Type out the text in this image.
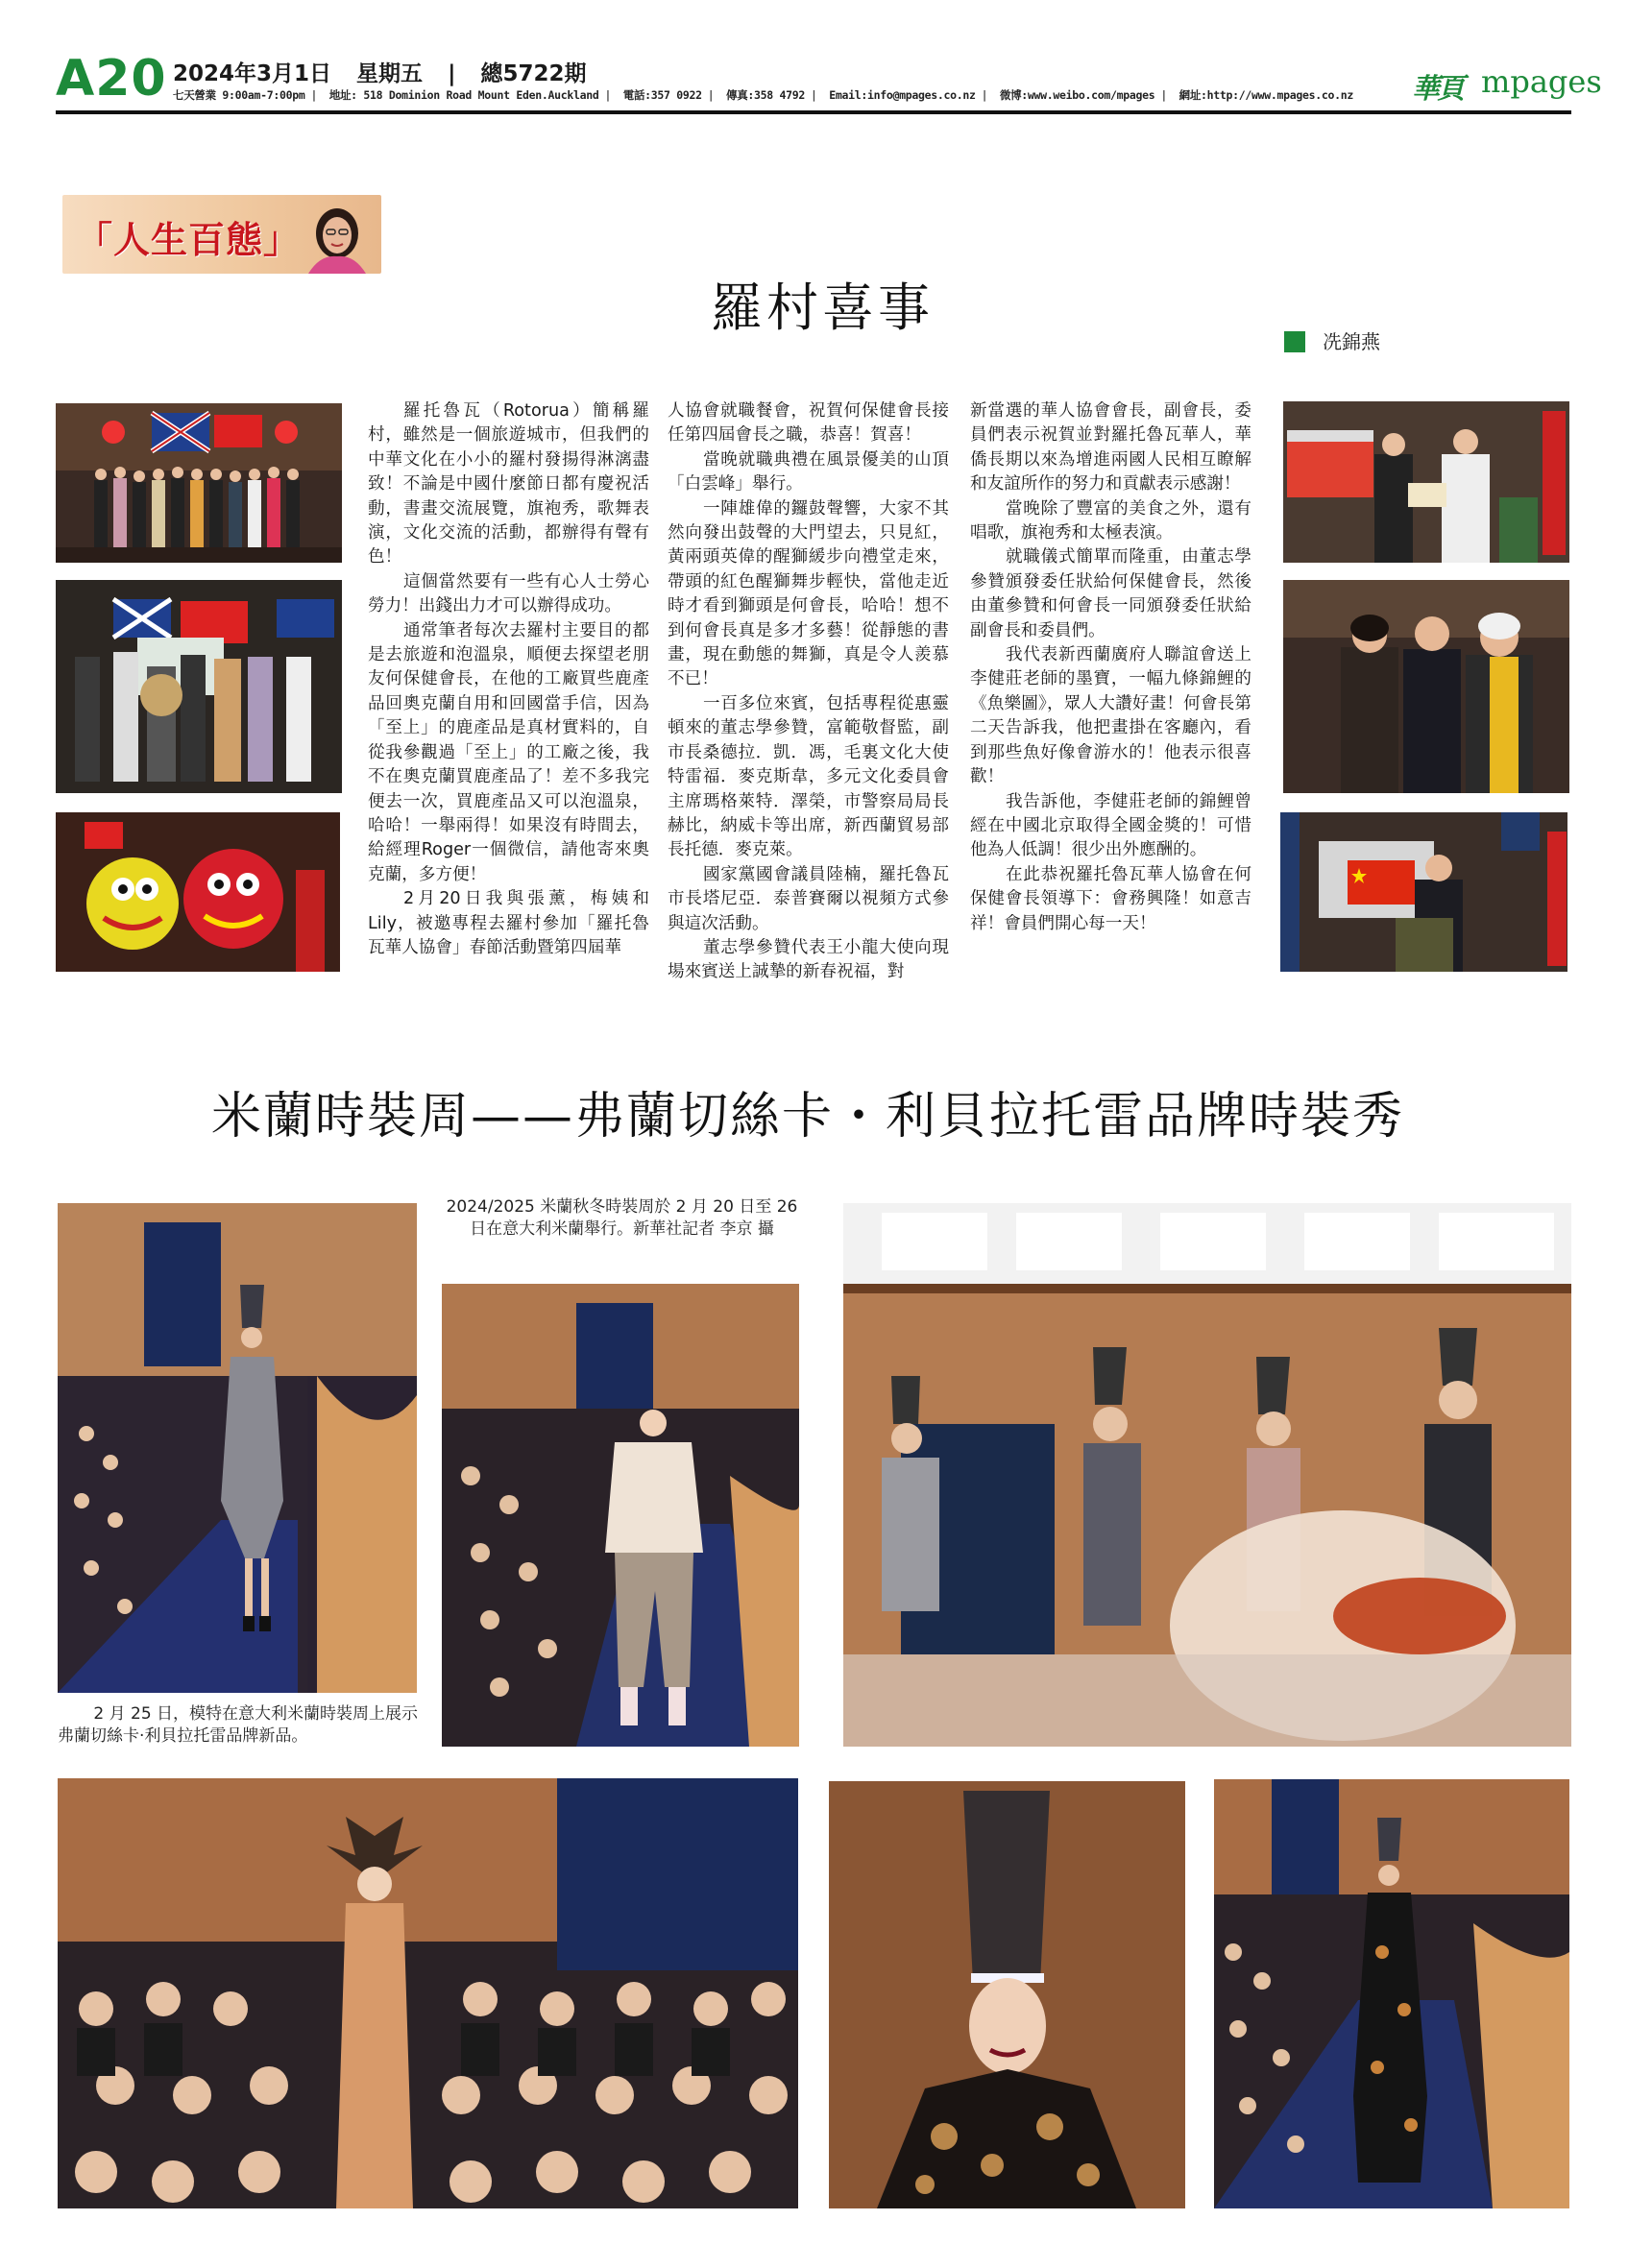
A20 2024年3月1日 星期五 | 總5722期
七天營業 9:00am-7:00pm | 地址: 518 Dominion Road Mount Eden.Auckland | 電話:357 0922 | 傳真:358 4792 | Email:info@mpages.co.nz | 微博:www.weibo.com/mpages | 網址:http://www.mpages.co.nz 華頁 mpages
「人生百態」
羅村喜事
冼錦燕

羅托魯瓦（Rotorua）簡稱羅村，雖然是一個旅遊城市，但我們的中華文化在小小的羅村發揚得淋漓盡致！不論是中國什麼節日都有慶祝活動，書畫交流展覽，旗袍秀，歌舞表演，文化交流的活動，都辦得有聲有色！

這個當然要有一些有心人士勞心勞力！出錢出力才可以辦得成功。

通常筆者每次去羅村主要目的都是去旅遊和泡溫泉，順便去探望老朋友何保健會長，在他的工廠買些鹿產品回奧克蘭自用和回國當手信，因為「至上」的鹿產品是真材實料的，自從我參觀過「至上」的工廠之後，我不在奧克蘭買鹿產品了！差不多我完便去一次，買鹿產品又可以泡溫泉，哈哈！一舉兩得！如果沒有時間去，給經理Roger一個微信，請他寄來奧克蘭，多方便！

2月20日我與張薰，梅姨和Lily，被邀專程去羅村參加「羅托魯瓦華人協會」春節活動暨第四屆華

人協會就職餐會，祝賀何保健會長接任第四屆會長之職，恭喜！賀喜！

當晚就職典禮在風景優美的山頂「白雲峰」舉行。

一陣雄偉的鑼鼓聲響，大家不其然向發出鼓聲的大門望去，只見紅，黃兩頭英偉的醒獅緩步向禮堂走來，帶頭的紅色醒獅舞步輕快，當他走近時才看到獅頭是何會長，哈哈！想不到何會長真是多才多藝！從靜態的書畫，現在動態的舞獅，真是令人羨慕不已！

一百多位來賓，包括專程從惠靈頓來的董志學參贊，富範敬督監，副市長桑德拉．凱．馮，毛裏文化大使特雷福．麥克斯韋，多元文化委員會主席瑪格萊特．澤榮，市警察局局長赫比，納威卡等出席，新西蘭貿易部長托德．麥克萊。

國家黨國會議員陸楠，羅托魯瓦市長塔尼亞．泰普賽爾以視頻方式參與這次活動。

董志學參贊代表王小龍大使向現場來賓送上誠摯的新春祝福，對

新當選的華人協會會長，副會長，委員們表示祝賀並對羅托魯瓦華人，華僑長期以來為增進兩國人民相互瞭解和友誼所作的努力和貢獻表示感謝！

當晚除了豐富的美食之外，還有唱歌，旗袍秀和太極表演。

就職儀式簡單而隆重，由董志學參贊頒發委任狀給何保健會長，然後由董參贊和何會長一同頒發委任狀給副會長和委員們。

我代表新西蘭廣府人聯誼會送上李健莊老師的墨寶，一幅九條錦鯉的《魚樂圖》，眾人大讚好畫！何會長第二天告訴我，他把畫掛在客廳內，看到那些魚好像會游水的！他表示很喜歡！

我告訴他，李健莊老師的錦鯉曾經在中國北京取得全國金獎的！可惜他為人低調！很少出外應酬的。

在此恭祝羅托魯瓦華人協會在何保健會長領導下：會務興隆！如意吉祥！會員們開心每一天！

米蘭時裝周——弗蘭切絲卡・利貝拉托雷品牌時裝秀
2024/2025 米蘭秋冬時裝周於 2 月 20 日至 26 日在意大利米蘭舉行。新華社記者 李京 攝
2 月 25 日，模特在意大利米蘭時裝周上展示弗蘭切絲卡·利貝拉托雷品牌新品。
